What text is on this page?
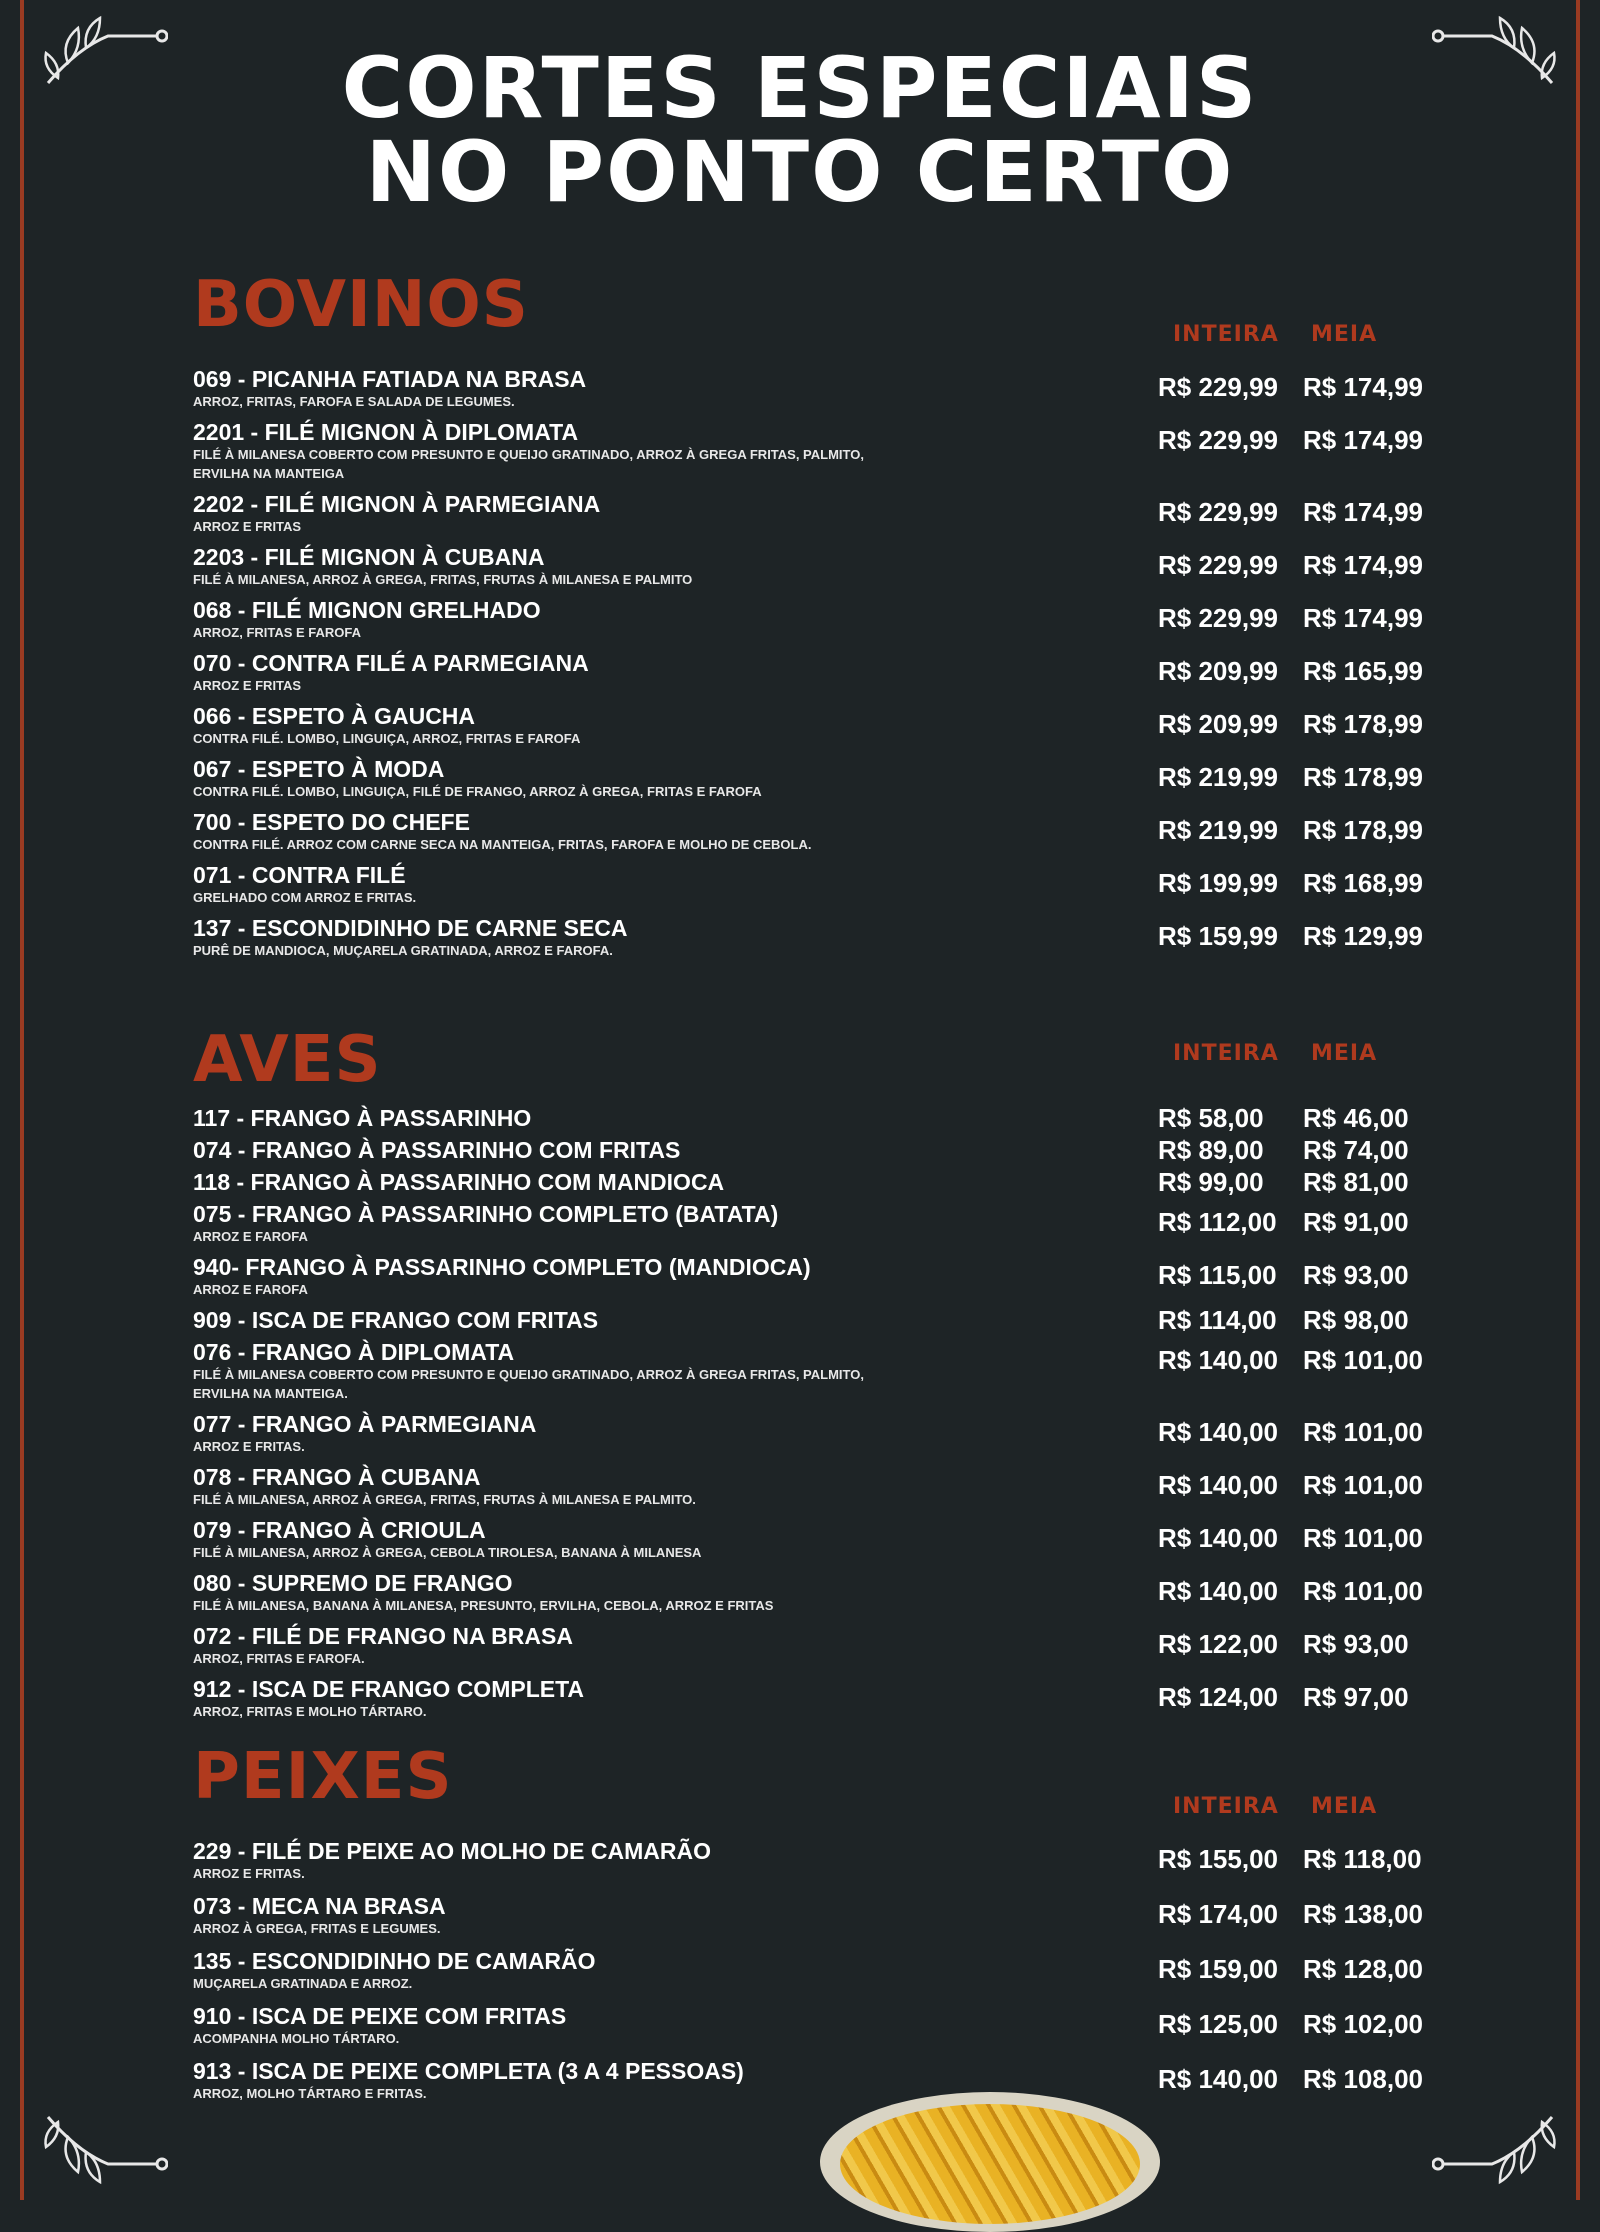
CORTES ESPECIAIS
NO PONTO CERTO
BOVINOS	INTEIRA MEIA
069 - PICANHA FATIADA NA BRASA
ARROZ, FRITAS, FAROFA E SALADA DE LEGUMES.	R$ 229,99 R$ 174,99
2201 - FILÉ MIGNON À DIPLOMATA
FILÉ À MILANESA COBERTO COM PRESUNTO E QUEIJO GRATINADO, ARROZ À GREGA FRITAS, PALMITO, ERVILHA NA MANTEIGA
R$ 229,99 R$ 174,99
2202 - FILÉ MIGNON À PARMEGIANA
ARROZ E FRITAS	R$ 229,99 R$ 174,99
2203 - FILÉ MIGNON À CUBANA
FILÉ À MILANESA, ARROZ À GREGA, FRITAS, FRUTAS À MILANESA E PALMITO	R$ 229,99 R$ 174,99
068 - FILÉ MIGNON GRELHADO
ARROZ, FRITAS E FAROFA	R$ 229,99 R$ 174,99
070 - CONTRA FILÉ A PARMEGIANA
ARROZ E FRITAS	R$ 209,99 R$ 165,99
066 - ESPETO À GAUCHA
CONTRA FILÉ. LOMBO, LINGUIÇA, ARROZ, FRITAS E FAROFA	R$ 209,99 R$ 178,99
067 - ESPETO À MODA
CONTRA FILÉ. LOMBO, LINGUIÇA, FILÉ DE FRANGO, ARROZ À GREGA, FRITAS E FAROFA	R$ 219,99 R$ 178,99
700 - ESPETO DO CHEFE
CONTRA FILÉ. ARROZ COM CARNE SECA NA MANTEIGA, FRITAS, FAROFA E MOLHO DE CEBOLA.	R$ 219,99 R$ 178,99
071 - CONTRA FILÉ
GRELHADO COM ARROZ E FRITAS.	R$ 199,99 R$ 168,99
137 - ESCONDIDINHO DE CARNE SECA
PURÊ DE MANDIOCA, MUÇARELA GRATINADA, ARROZ E FAROFA.	R$ 159,99 R$ 129,99
AVES	INTEIRA MEIA
117 - FRANGO À PASSARINHO	R$ 58,00 R$ 46,00
074 - FRANGO À PASSARINHO COM FRITAS	R$ 89,00 R$ 74,00
118 - FRANGO À PASSARINHO COM MANDIOCA	R$ 99,00 R$ 81,00
075 - FRANGO À PASSARINHO COMPLETO (BATATA)
ARROZ E FAROFA	R$ 112,00 R$ 91,00
940- FRANGO À PASSARINHO COMPLETO (MANDIOCA)
ARROZ E FAROFA	R$ 115,00 R$ 93,00
909 - ISCA DE FRANGO COM FRITAS	R$ 114,00 R$ 98,00
076 - FRANGO À DIPLOMATA
FILÉ À MILANESA COBERTO COM PRESUNTO E QUEIJO GRATINADO, ARROZ À GREGA FRITAS, PALMITO, ERVILHA NA MANTEIGA.
R$ 140,00 R$ 101,00
077 - FRANGO À PARMEGIANA
ARROZ E FRITAS.	R$ 140,00 R$ 101,00
078 - FRANGO À CUBANA
FILÉ À MILANESA, ARROZ À GREGA, FRITAS, FRUTAS À MILANESA E PALMITO.	R$ 140,00 R$ 101,00
079 - FRANGO À CRIOULA
FILÉ À MILANESA, ARROZ À GREGA, CEBOLA TIROLESA, BANANA À MILANESA	R$ 140,00 R$ 101,00
080 - SUPREMO DE FRANGO
FILÉ À MILANESA, BANANA À MILANESA, PRESUNTO, ERVILHA, CEBOLA, ARROZ E FRITAS	R$ 140,00 R$ 101,00
072 - FILÉ DE FRANGO NA BRASA
ARROZ, FRITAS E FAROFA.	R$ 122,00 R$ 93,00
912 - ISCA DE FRANGO COMPLETA
ARROZ, FRITAS E MOLHO TÁRTARO.	R$ 124,00 R$ 97,00
PEIXES	INTEIRA MEIA
229 - FILÉ DE PEIXE AO MOLHO DE CAMARÃO
ARROZ E FRITAS.	R$ 155,00 R$ 118,00
073 - MECA NA BRASA
ARROZ À GREGA, FRITAS E LEGUMES.	R$ 174,00 R$ 138,00
135 - ESCONDIDINHO DE CAMARÃO
MUÇARELA GRATINADA E ARROZ.	R$ 159,00 R$ 128,00
910 - ISCA DE PEIXE COM FRITAS
ACOMPANHA MOLHO TÁRTARO.	R$ 125,00 R$ 102,00
913 - ISCA DE PEIXE COMPLETA (3 A 4 PESSOAS)
ARROZ, MOLHO TÁRTARO E FRITAS.	R$ 140,00 R$ 108,00
